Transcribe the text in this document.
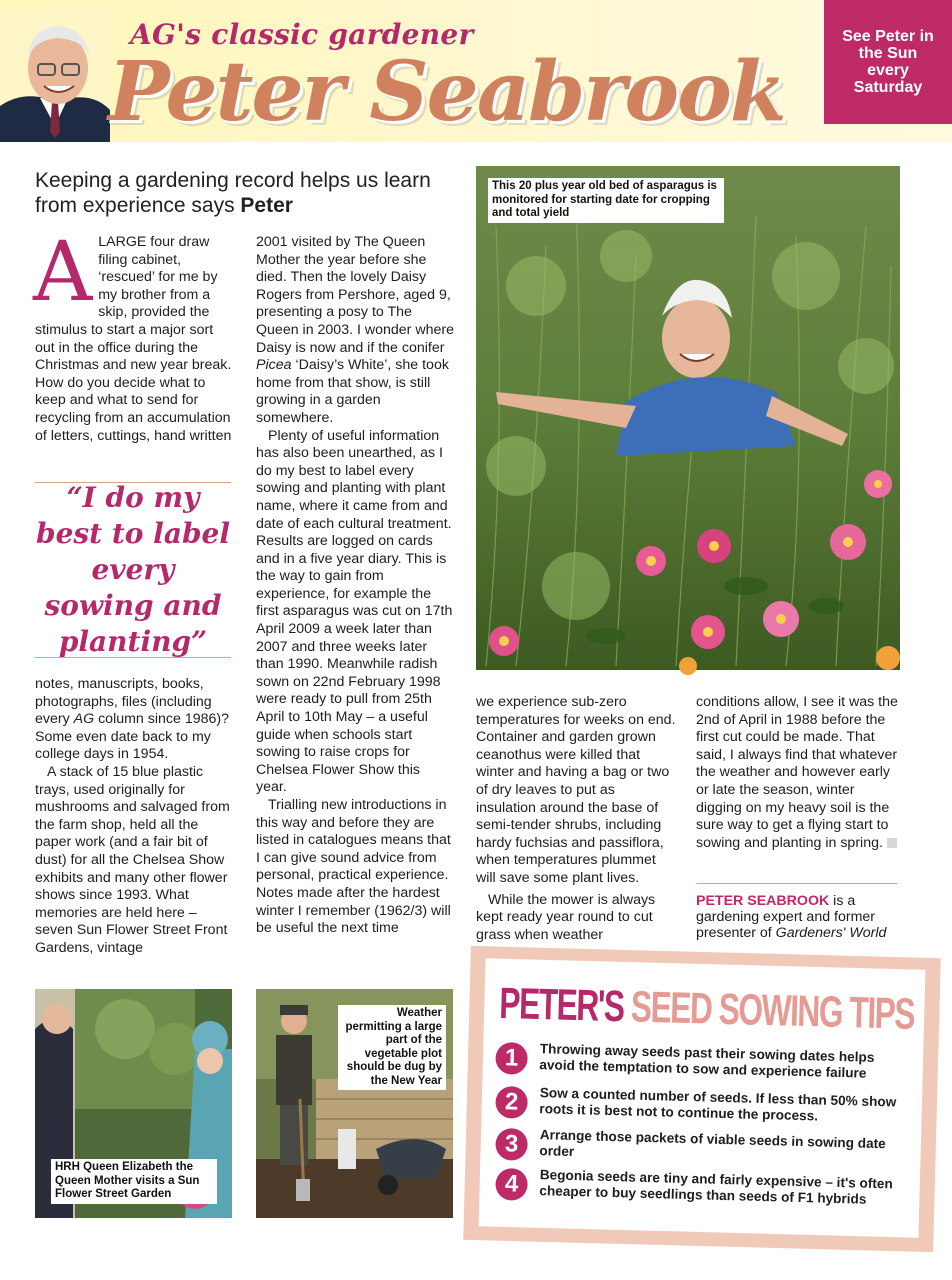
AG's classic gardener
Peter Seabrook
See Peter in the Sun every Saturday
Keeping a gardening record helps us learn from experience says Peter

ALARGE four draw filing cabinet, ‘rescued’ for me by my brother from a skip, provided the stimulus to start a major sort out in the office during the Christmas and new year break. How do you decide what to keep and what to send for recycling from an accumulation of letters, cuttings, hand written

“I do my best to label every sowing and planting”

notes, manuscripts, books, photographs, files (including every AG column since 1986)? Some even date back to my college days in 1954.

A stack of 15 blue plastic trays, used originally for mushrooms and salvaged from the farm shop, held all the paper work (and a fair bit of dust) for all the Chelsea Show exhibits and many other flower shows since 1993. What memories are held here – seven Sun Flower Street Front Gardens, vintage

2001 visited by The Queen Mother the year before she died. Then the lovely Daisy Rogers from Pershore, aged 9, presenting a posy to The Queen in 2003. I wonder where Daisy is now and if the conifer Picea ‘Daisy’s White’, she took home from that show, is still growing in a garden somewhere.

Plenty of useful information has also been unearthed, as I do my best to label every sowing and planting with plant name, where it came from and date of each cultural treatment. Results are logged on cards and in a five year diary. This is the way to gain from experience, for example the first asparagus was cut on 17th April 2009 a week later than 2007 and three weeks later than 1990. Meanwhile radish sown on 22nd February 1998 were ready to pull from 25th April to 10th May – a useful guide when schools start sowing to raise crops for Chelsea Flower Show this year.

Trialling new introductions in this way and before they are listed in catalogues means that I can give sound advice from personal, practical experience. Notes made after the hardest winter I remember (1962/3) will be useful the next time

This 20 plus year old bed of asparagus is monitored for starting date for cropping and total yield
All: Arthur Edwards/TheSun

we experience sub-zero temperatures for weeks on end. Container and garden grown ceanothus were killed that winter and having a bag or two of dry leaves to put as insulation around the base of semi-tender shrubs, including hardy fuchsias and passiflora, when temperatures plummet will save some plant lives.

While the mower is always kept ready year round to cut grass when weather

conditions allow, I see it was the 2nd of April in 1988 before the first cut could be made. That said, I always find that whatever the weather and however early or late the season, winter digging on my heavy soil is the sure way to get a flying start to sowing and planting in spring.

PETER SEABROOK is a gardening expert and former presenter of Gardeners' World
HRH Queen Elizabeth the Queen Mother visits a Sun Flower Street Garden
Weather permitting a large part of the vegetable plot should be dug by the New Year
PETER'S SEED SOWING TIPS
1	Throwing away seeds past their sowing dates helps avoid the temptation to sow and experience failure
2	Sow a counted number of seeds. If less than 50% show roots it is best not to continue the process.
3	Arrange those packets of viable seeds in sowing date order
4	Begonia seeds are tiny and fairly expensive – it's often cheaper to buy seedlings than seeds of F1 hybrids
